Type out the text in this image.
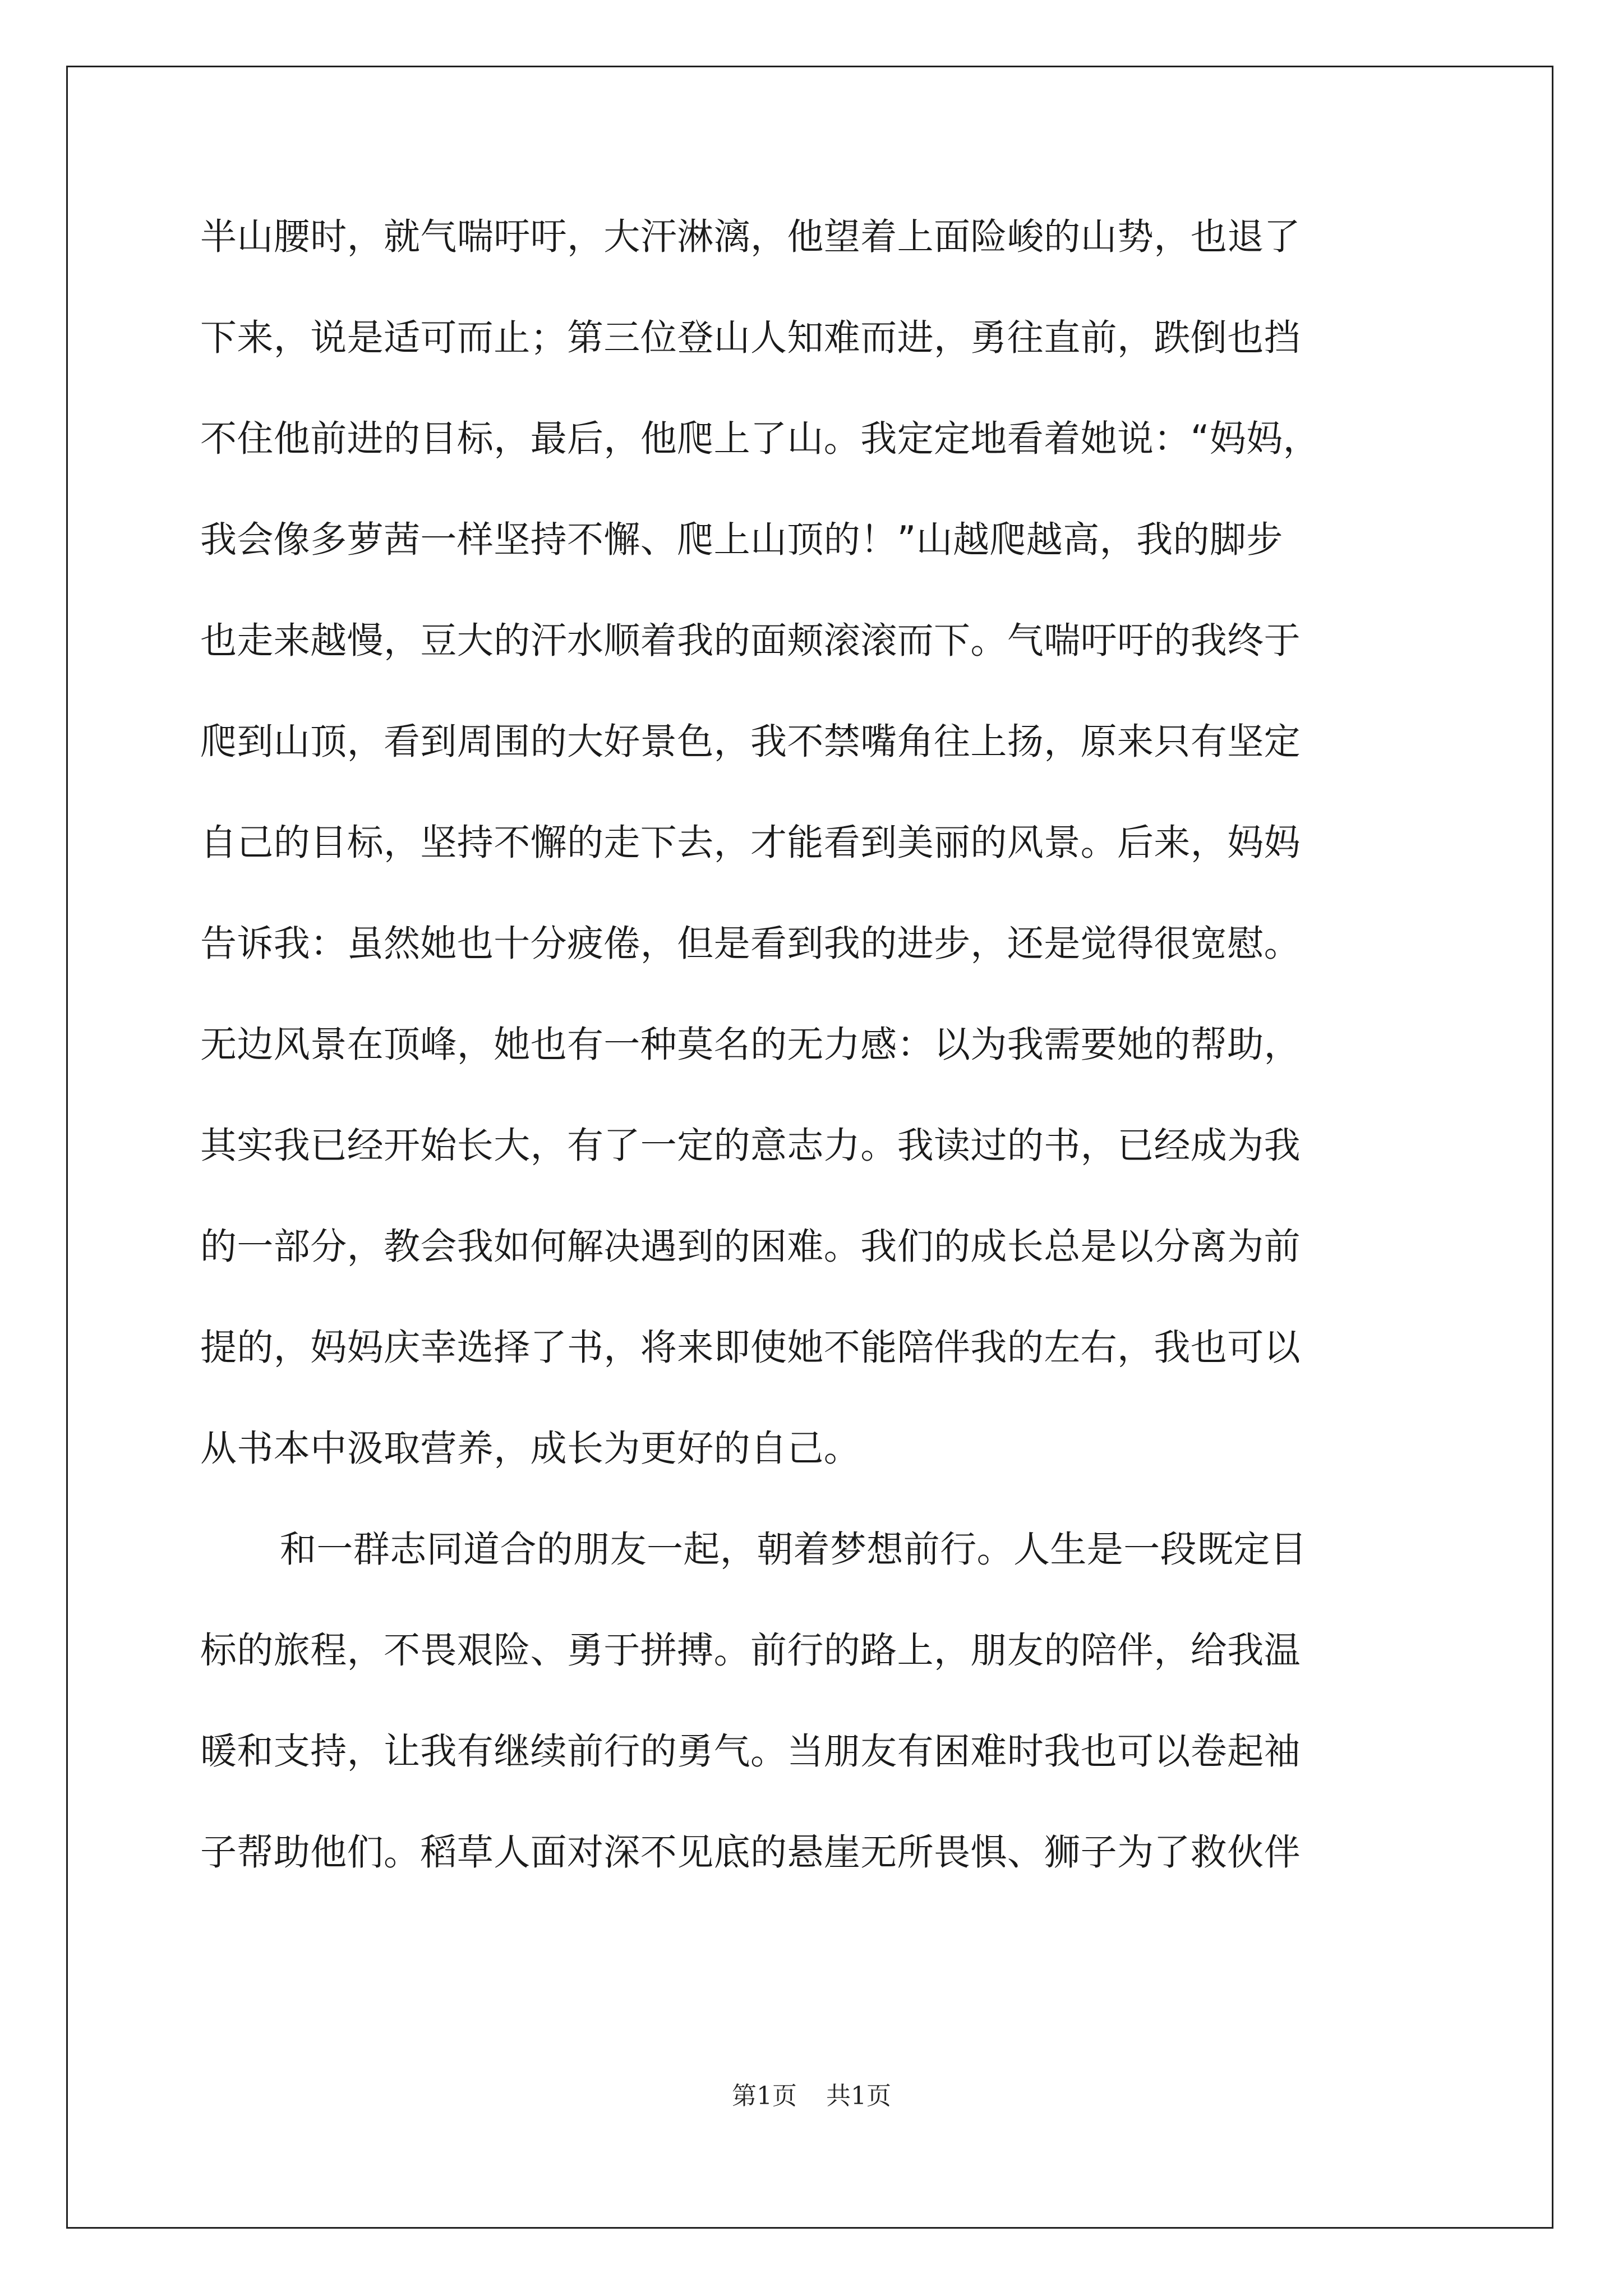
半山腰时，就气喘吁吁，大汗淋漓，他望着上面险峻的山势，也退了
下来，说是适可而止；第三位登山人知难而进，勇往直前，跌倒也挡
不住他前进的目标，最后，他爬上了山。我定定地看着她说：“妈妈，
我会像多萝茜一样坚持不懈、爬上山顶的！”山越爬越高，我的脚步
也走来越慢，豆大的汗水顺着我的面颊滚滚而下。气喘吁吁的我终于
爬到山顶，看到周围的大好景色，我不禁嘴角往上扬，原来只有坚定
自己的目标，坚持不懈的走下去，才能看到美丽的风景。后来，妈妈
告诉我：虽然她也十分疲倦，但是看到我的进步，还是觉得很宽慰。
无边风景在顶峰，她也有一种莫名的无力感：以为我需要她的帮助，
其实我已经开始长大，有了一定的意志力。我读过的书，已经成为我
的一部分，教会我如何解决遇到的困难。我们的成长总是以分离为前
提的，妈妈庆幸选择了书，将来即使她不能陪伴我的左右，我也可以
从书本中汲取营养，成长为更好的自己。
和一群志同道合的朋友一起，朝着梦想前行。人生是一段既定目
标的旅程，不畏艰险、勇于拼搏。前行的路上，朋友的陪伴，给我温
暖和支持，让我有继续前行的勇气。当朋友有困难时我也可以卷起袖
子帮助他们。稻草人面对深不见底的悬崖无所畏惧、狮子为了救伙伴
第1页 共1页
